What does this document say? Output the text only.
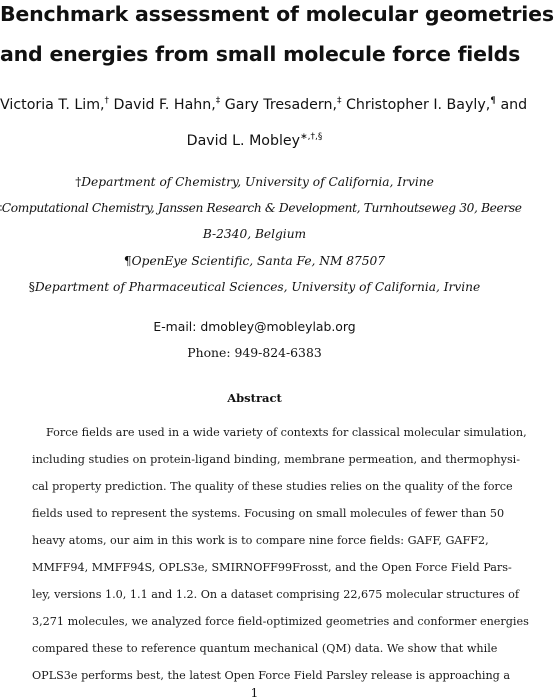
Benchmark assessment of molecular geometries
and energies from small molecule force fields
Victoria T. Lim,† David F. Hahn,‡ Gary Tresadern,‡ Christopher I. Bayly,¶ and
David L. Mobley∗,†,§
†Department of Chemistry, University of California, Irvine
Computational Chemistry, Janssen Research & Development, Turnhoutseweg 30, Beerse
B-2340, Belgium
¶OpenEye Scientific, Santa Fe, NM 87507
§Department of Pharmaceutical Sciences, University of California, Irvine
E-mail: dmobley@mobleylab.org
Phone: 949-824-6383
Abstract
Force fields are used in a wide variety of contexts for classical molecular simulation,
including studies on protein-ligand binding, membrane permeation, and thermophysi-
cal property prediction. The quality of these studies relies on the quality of the force
fields used to represent the systems. Focusing on small molecules of fewer than 50
heavy atoms, our aim in this work is to compare nine force fields: GAFF, GAFF2,
MMFF94, MMFF94S, OPLS3e, SMIRNOFF99Frosst, and the Open Force Field Pars-
ley, versions 1.0, 1.1 and 1.2. On a dataset comprising 22,675 molecular structures of
3,271 molecules, we analyzed force field-optimized geometries and conformer energies
compared these to reference quantum mechanical (QM) data. We show that while
OPLS3e performs best, the latest Open Force Field Parsley release is approaching a
1
